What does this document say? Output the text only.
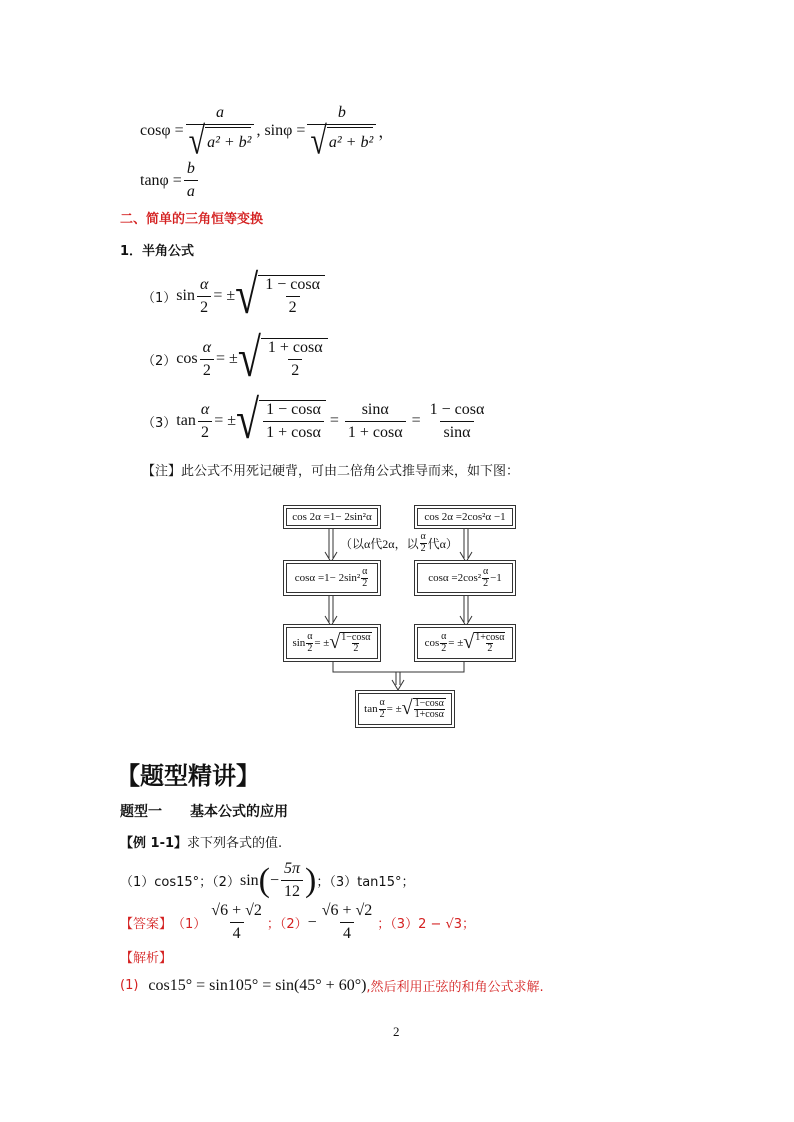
$\cos\varphi = \frac{a}{\text{√ a² + b²}}$ , $\sin\varphi = \frac{b}{\text{√ a² + b²}}$ ，
$\tan\varphi = \frac{b}{a}$
二、简单的三角恒等变换
1．半角公式
（1） $\sin \frac{\alpha}{2}$ = ± √ $\frac{1 - \cos\alpha}{2}$
（2） $\cos \frac{\alpha}{2}$ = ± √ $\frac{1 + \cos\alpha}{2}$
（3） $\tan \frac{\alpha}{2}$ = ± √ $\frac{1 - \cos\alpha}{1 + \cos\alpha} = \frac{\sin\alpha}{1 + \cos\alpha} = \frac{1 - \cos\alpha}{\sin\alpha}$
【注】此公式不用死记硬背，可由二倍角公式推导而来，如下图：
cos 2α =1− 2sin²α	cos 2α =2cos²α −1
（以α代2α，以 α
2 代α）
cosα =1− 2sin²
α
2	cosα =2cos²
α
2 −1
$\sin \frac{\alpha}{2}$ = ± √ $\frac{1-\cos\alpha}{2}$	$\cos \frac{\alpha}{2}$ = ± √ $\frac{1+\cos\alpha}{2}$
$\tan \frac{\alpha}{2}$ = ± √ $\frac{1-\cos\alpha}{1+\cos\alpha}$
【题型精讲】
题型一　　基本公式的应用
【例 1-1】求下列各式的值.
（1）cos15°；（2） sin ( − $\frac{5\pi}{12}$ ) ；（3）tan15°；
【答案】 $(1) \frac{√6 + √2}{4}$ ；$(2) - \frac{√6 + √2}{4}$ ；（3）2 − √3；
【解析】
(1) cos15° = sin105° = sin(45° + 60°) ,然后利用正弦的和角公式求解.
2
